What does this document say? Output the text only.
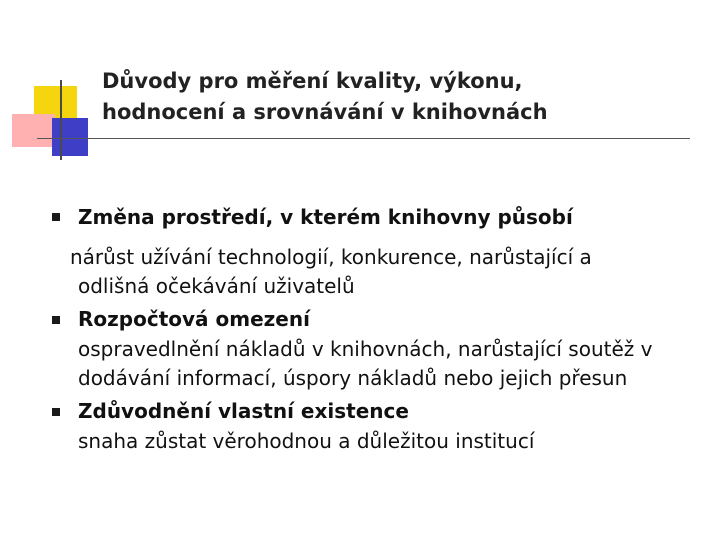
Důvody pro měření kvality, výkonu,
hodnocení a srovnávání v knihovnách
Změna prostředí, v kterém knihovny působí
nárůst užívání technologií, konkurence, narůstající a
odlišná očekávání uživatelů
Rozpočtová omezení
ospravedlnění nákladů v knihovnách, narůstající soutěž v
dodávání informací, úspory nákladů nebo jejich přesun
Zdůvodnění vlastní existence
snaha zůstat věrohodnou a důležitou institucí
